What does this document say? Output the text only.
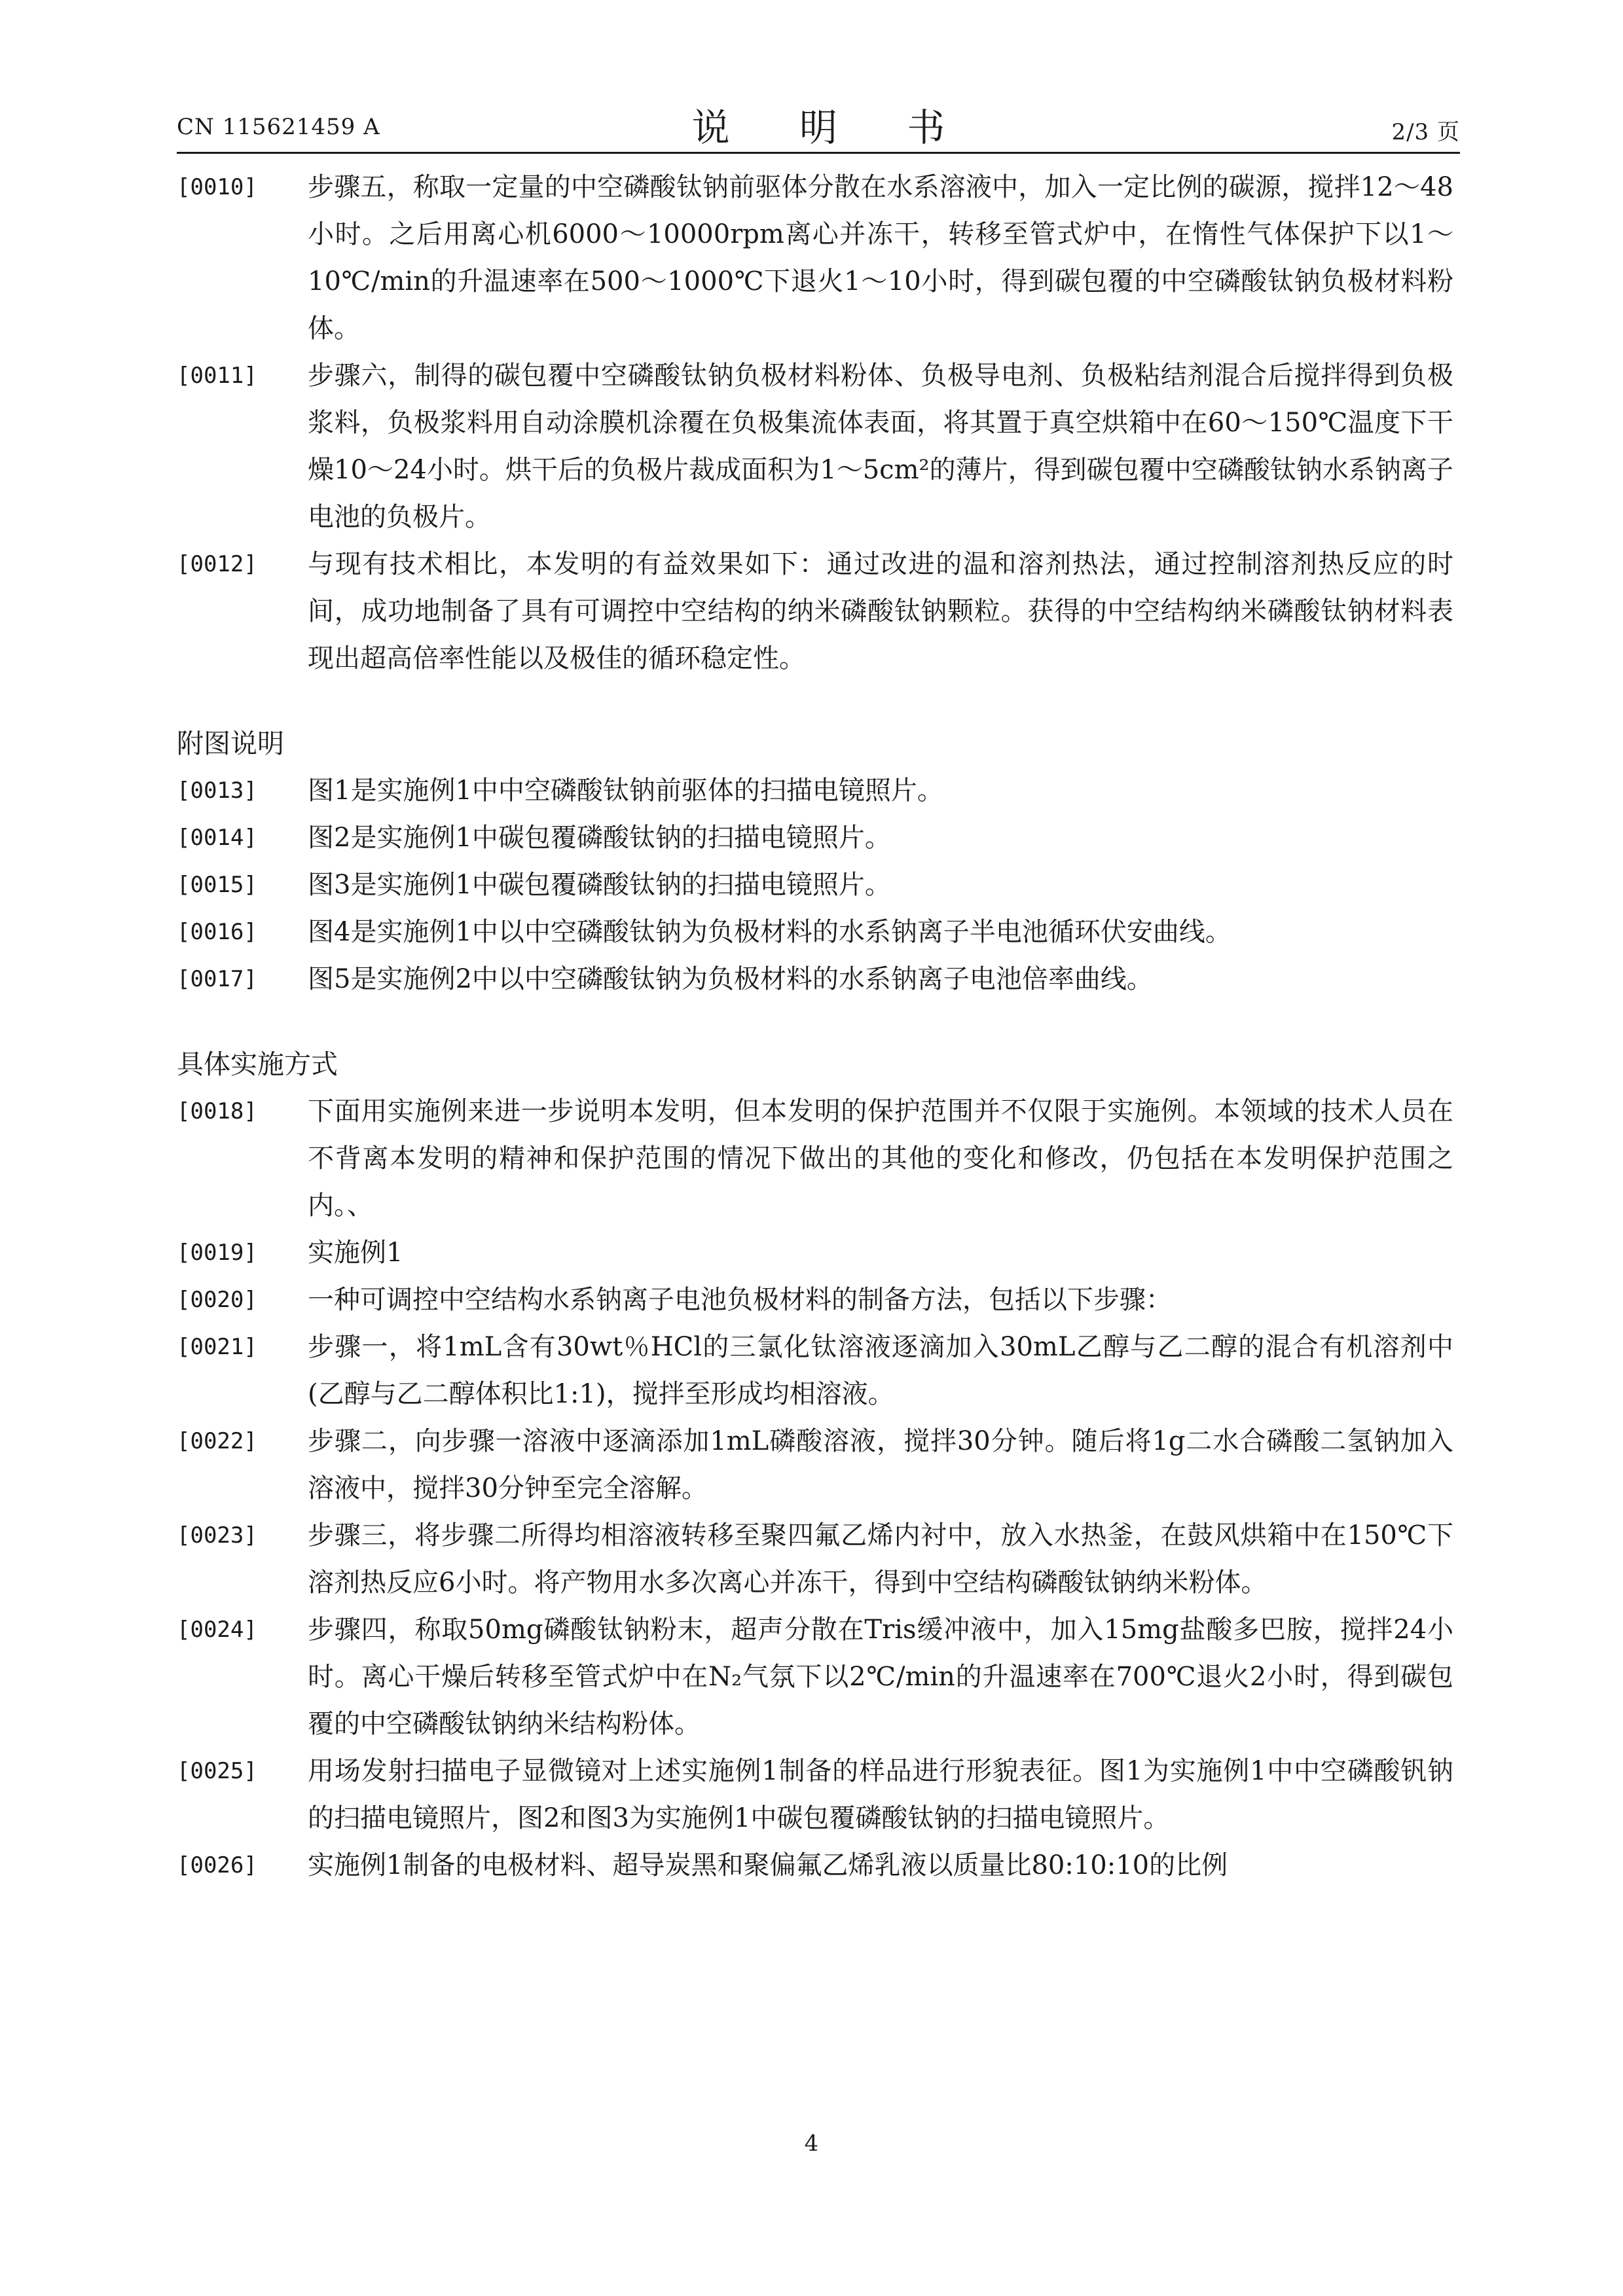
CN 115621459 A	说 明 书	2/3 页

[0010] 步骤五，称取一定量的中空磷酸钛钠前驱体分散在水系溶液中，加入一定比例的碳源，搅拌12～48小时。之后用离心机6000～10000rpm离心并冻干，转移至管式炉中，在惰性气体保护下以1～10℃/min的升温速率在500～1000℃下退火1～10小时，得到碳包覆的中空磷酸钛钠负极材料粉体。

[0011] 步骤六，制得的碳包覆中空磷酸钛钠负极材料粉体、负极导电剂、负极粘结剂混合后搅拌得到负极浆料，负极浆料用自动涂膜机涂覆在负极集流体表面，将其置于真空烘箱中在60～150℃温度下干燥10～24小时。烘干后的负极片裁成面积为1～5cm²的薄片，得到碳包覆中空磷酸钛钠水系钠离子电池的负极片。

[0012] 与现有技术相比，本发明的有益效果如下：通过改进的温和溶剂热法，通过控制溶剂热反应的时间，成功地制备了具有可调控中空结构的纳米磷酸钛钠颗粒。获得的中空结构纳米磷酸钛钠材料表现出超高倍率性能以及极佳的循环稳定性。

附图说明

[0013] 图1是实施例1中中空磷酸钛钠前驱体的扫描电镜照片。

[0014] 图2是实施例1中碳包覆磷酸钛钠的扫描电镜照片。

[0015] 图3是实施例1中碳包覆磷酸钛钠的扫描电镜照片。

[0016] 图4是实施例1中以中空磷酸钛钠为负极材料的水系钠离子半电池循环伏安曲线。

[0017] 图5是实施例2中以中空磷酸钛钠为负极材料的水系钠离子电池倍率曲线。

具体实施方式

[0018] 下面用实施例来进一步说明本发明，但本发明的保护范围并不仅限于实施例。本领域的技术人员在不背离本发明的精神和保护范围的情况下做出的其他的变化和修改，仍包括在本发明保护范围之内。、

[0019] 实施例1

[0020] 一种可调控中空结构水系钠离子电池负极材料的制备方法，包括以下步骤：

[0021] 步骤一，将1mL含有30wt％HCl的三氯化钛溶液逐滴加入30mL乙醇与乙二醇的混合有机溶剂中(乙醇与乙二醇体积比1:1)，搅拌至形成均相溶液。

[0022] 步骤二，向步骤一溶液中逐滴添加1mL磷酸溶液，搅拌30分钟。随后将1g二水合磷酸二氢钠加入溶液中，搅拌30分钟至完全溶解。

[0023] 步骤三，将步骤二所得均相溶液转移至聚四氟乙烯内衬中，放入水热釜，在鼓风烘箱中在150℃下溶剂热反应6小时。将产物用水多次离心并冻干，得到中空结构磷酸钛钠纳米粉体。

[0024] 步骤四，称取50mg磷酸钛钠粉末，超声分散在Tris缓冲液中，加入15mg盐酸多巴胺，搅拌24小时。离心干燥后转移至管式炉中在N₂气氛下以2℃/min的升温速率在700℃退火2小时，得到碳包覆的中空磷酸钛钠纳米结构粉体。

[0025] 用场发射扫描电子显微镜对上述实施例1制备的样品进行形貌表征。图1为实施例1中中空磷酸钒钠的扫描电镜照片，图2和图3为实施例1中碳包覆磷酸钛钠的扫描电镜照片。

[0026] 实施例1制备的电极材料、超导炭黑和聚偏氟乙烯乳液以质量比80:10:10的比例

4
